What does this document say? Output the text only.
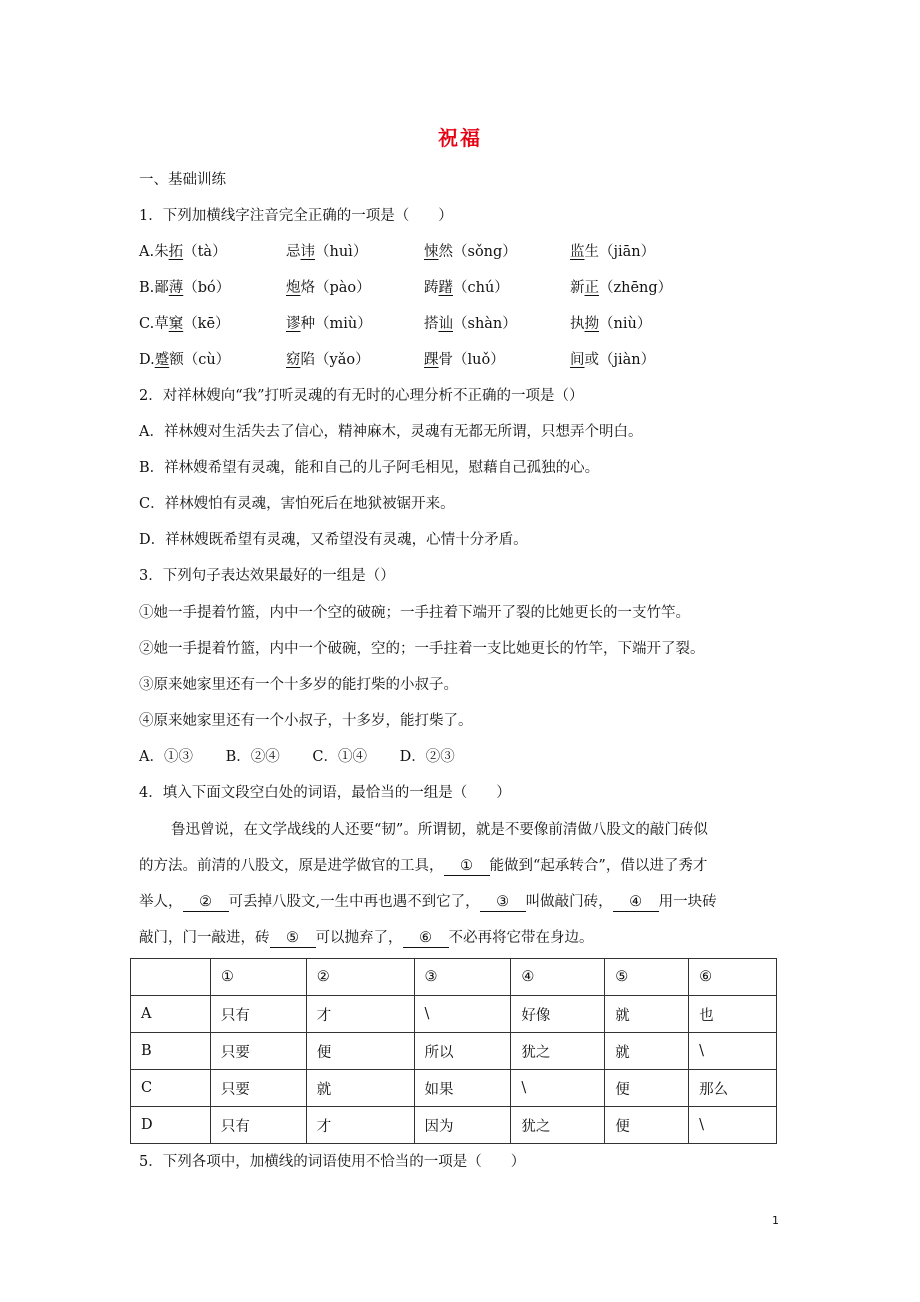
祝福
一、基础训练
1．下列加横线字注音完全正确的一项是（　　）
A.朱拓（tà）	忌讳（huì）	悚然（sǒng）	监生（jiān）
B.鄙薄（bó）	炮烙（pào）	踌躇（chú）	新正（zhēng）
C.草窠（kē）	谬种（miù）	搭讪（shàn）	执拗（niù）
D.蹙额（cù）	窈陷（yǎo）	踝骨（luǒ）	间或（jiàn）
2．对祥林嫂向“我”打听灵魂的有无时的心理分析不正确的一项是（）
A．祥林嫂对生活失去了信心，精神麻木，灵魂有无都无所谓，只想弄个明白。
B．祥林嫂希望有灵魂，能和自己的儿子阿毛相见，慰藉自己孤独的心。
C．祥林嫂怕有灵魂，害怕死后在地狱被锯开来。
D．祥林嫂既希望有灵魂，又希望没有灵魂，心情十分矛盾。
3．下列句子表达效果最好的一组是（）
①她一手提着竹篮，内中一个空的破碗；一手拄着下端开了裂的比她更长的一支竹竿。
②她一手提着竹篮，内中一个破碗，空的；一手拄着一支比她更长的竹竿，下端开了裂。
③原来她家里还有一个十多岁的能打柴的小叔子。
④原来她家里还有一个小叔子，十多岁，能打柴了。
A．①③ B．②④ C．①④ D．②③
4．填入下面文段空白处的词语，最恰当的一组是（　　）
鲁迅曾说，在文学战线的人还要“韧”。所谓韧，就是不要像前清做八股文的敲门砖似
的方法。前清的八股文，原是进学做官的工具， ① 能做到“起承转合”，借以进了秀才
举人， ② 可丢掉八股文,一生中再也遇不到它了， ③ 叫做敲门砖， ④ 用一块砖
敲门，门一敲进，砖 ⑤ 可以抛弃了， ⑥ 不必再将它带在身边。
	①	②	③	④	⑤	⑥
A	只有	才	\	好像	就	也
B	只要	便	所以	犹之	就	\
C	只要	就	如果	\	便	那么
D	只有	才	因为	犹之	便	\
5．下列各项中，加横线的词语使用不恰当的一项是（　　）
1
